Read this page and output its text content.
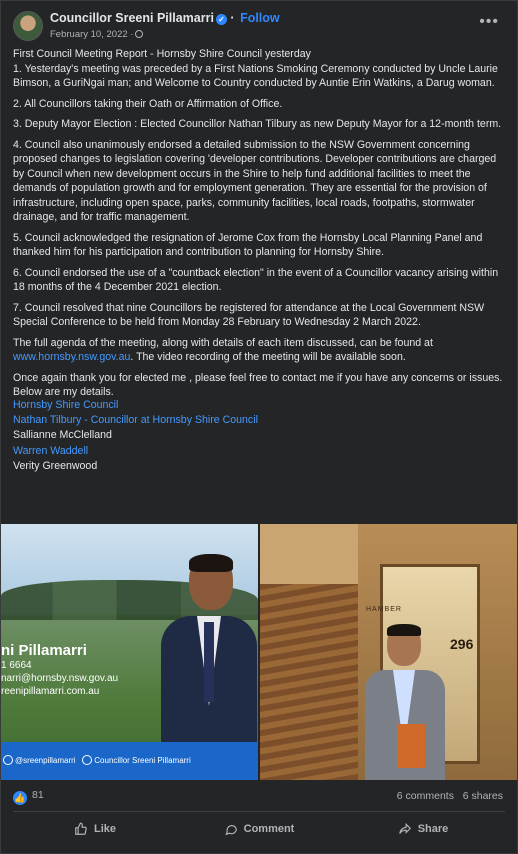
Councillor Sreeni Pillamarri ✓ · Follow
February 10, 2022 ·
•••

First Council Meeting Report - Hornsby Shire Council yesterday

1. Yesterday's meeting was preceded by a First Nations Smoking Ceremony conducted by Uncle Laurie Bimson, a GuriNgai man; and Welcome to Country conducted by Auntie Erin Watkins, a Darug woman.

2. All Councillors taking their Oath or Affirmation of Office.

3. Deputy Mayor Election : Elected Councillor Nathan Tilbury as new Deputy Mayor for a 12-month term.

4. Council also unanimously endorsed a detailed submission to the NSW Government concerning proposed changes to legislation covering 'developer contributions. Developer contributions are charged by Council when new development occurs in the Shire to help fund additional facilities to meet the demands of population growth and for employment generation. They are essential for the provision of infrastructure, including open space, parks, community facilities, local roads, footpaths, stormwater drainage, and for traffic management.

5. Council acknowledged the resignation of Jerome Cox from the Hornsby Local Planning Panel and thanked him for his participation and contribution to planning for Hornsby Shire.

6. Council endorsed the use of a "countback election" in the event of a Councillor vacancy arising within 18 months of the 4 December 2021 election.

7. Council resolved that nine Councillors be registered for attendance at the Local Government NSW Special Conference to be held from Monday 28 February to Wednesday 2 March 2022.

The full agenda of the meeting, along with details of each item discussed, can be found at www.hornsby.nsw.gov.au. The video recording of the meeting will be available soon.

Once again thank you for elected me , please feel free to contact me if you have any concerns or issues. Below are my details.

Hornsby Shire Council
Nathan Tilbury - Councillor at Hornsby Shire Council
Sallianne McClelland
Warren Waddell
Verity Greenwood
ni Pillamarri
1 6664
narri@hornsby.nsw.gov.au
reenipillamarri.com.au
@sreenpillamarri Councillor Sreeni Pillamarri
HAMBER
296
👍 81	6 comments 6 shares
Like	Comment	Share
